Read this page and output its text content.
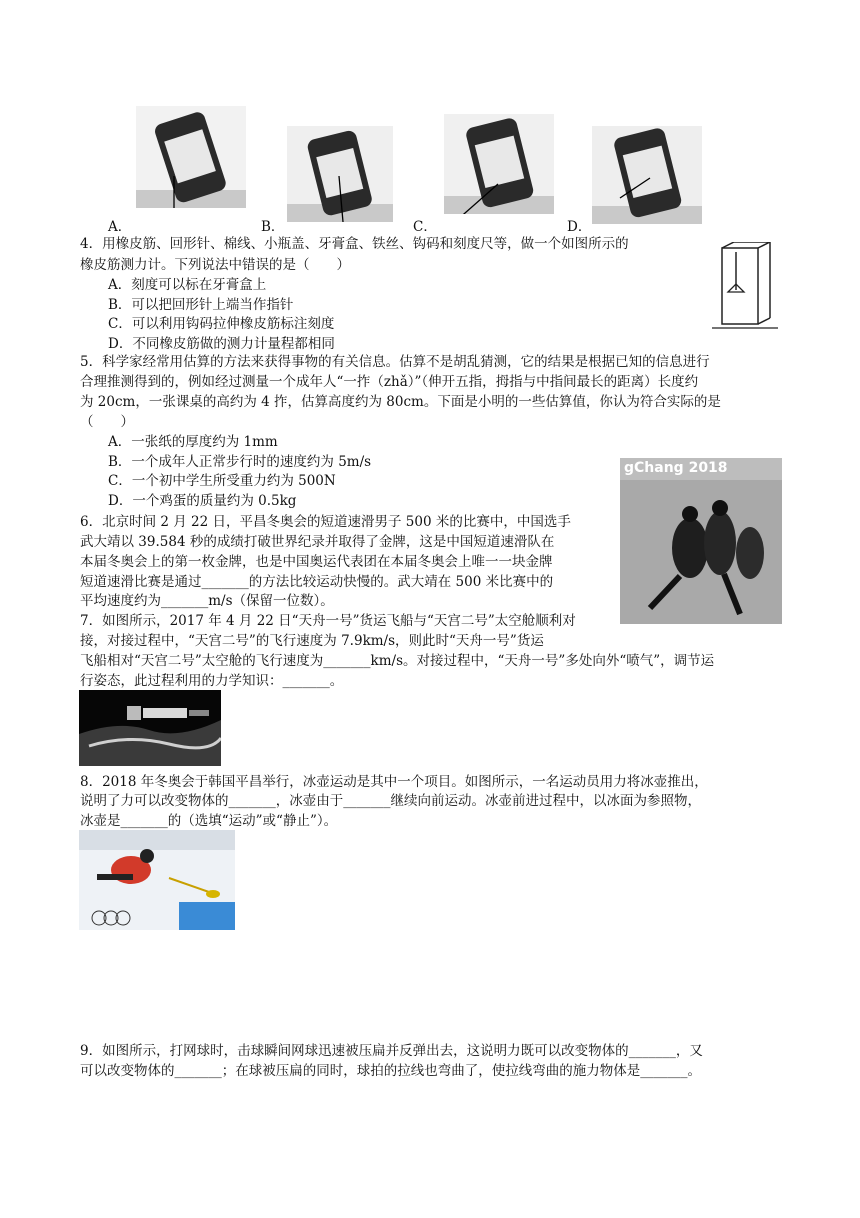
A．	B．	C．	D．
4．用橡皮筋、回形针、棉线、小瓶盖、牙膏盒、铁丝、钩码和刻度尺等，做一个如图所示的
橡皮筋测力计。下列说法中错误的是（　　）
A．刻度可以标在牙膏盒上
B．可以把回形针上端当作指针
C．可以利用钩码拉伸橡皮筋标注刻度
D．不同橡皮筋做的测力计量程都相同
5．科学家经常用估算的方法来获得事物的有关信息。估算不是胡乱猜测，它的结果是根据已知的信息进行
合理推测得到的，例如经过测量一个成年人“一拃（zhǎ）”（伸开五指，拇指与中指间最长的距离）长度约
为 20cm，一张课桌的高约为 4 拃，估算高度约为 80cm。下面是小明的一些估算值，你认为符合实际的是
（　　）
A．一张纸的厚度约为 1mm
B．一个成年人正常步行时的速度约为 5m/s
C．一个初中学生所受重力约为 500N
D．一个鸡蛋的质量约为 0.5kg
gChang 2018
6．北京时间 2 月 22 日，平昌冬奥会的短道速滑男子 500 米的比赛中，中国选手
武大靖以 39.584 秒的成绩打破世界纪录并取得了金牌，这是中国短道速滑队在
本届冬奥会上的第一枚金牌，也是中国奥运代表团在本届冬奥会上唯一一块金牌
短道速滑比赛是通过_______的方法比较运动快慢的。武大靖在 500 米比赛中的
平均速度约为_______m/s（保留一位数）。
7．如图所示，2017 年 4 月 22 日“天舟一号”货运飞船与“天宫二号”太空舱顺利对
接，对接过程中，“天宫二号”的飞行速度为 7.9km/s，则此时“天舟一号”货运
飞船相对“天宫二号”太空舱的飞行速度为_______km/s。对接过程中，“天舟一号”多处向外“喷气”，调节运
行姿态，此过程利用的力学知识：_______。
8．2018 年冬奥会于韩国平昌举行，冰壶运动是其中一个项目。如图所示，一名运动员用力将冰壶推出，
说明了力可以改变物体的_______，冰壶由于_______继续向前运动。冰壶前进过程中，以冰面为参照物，
冰壶是_______的（选填“运动”或“静止”）。
9．如图所示，打网球时，击球瞬间网球迅速被压扁并反弹出去，这说明力既可以改变物体的_______，又
可以改变物体的_______；在球被压扁的同时，球拍的拉线也弯曲了，使拉线弯曲的施力物体是_______。
